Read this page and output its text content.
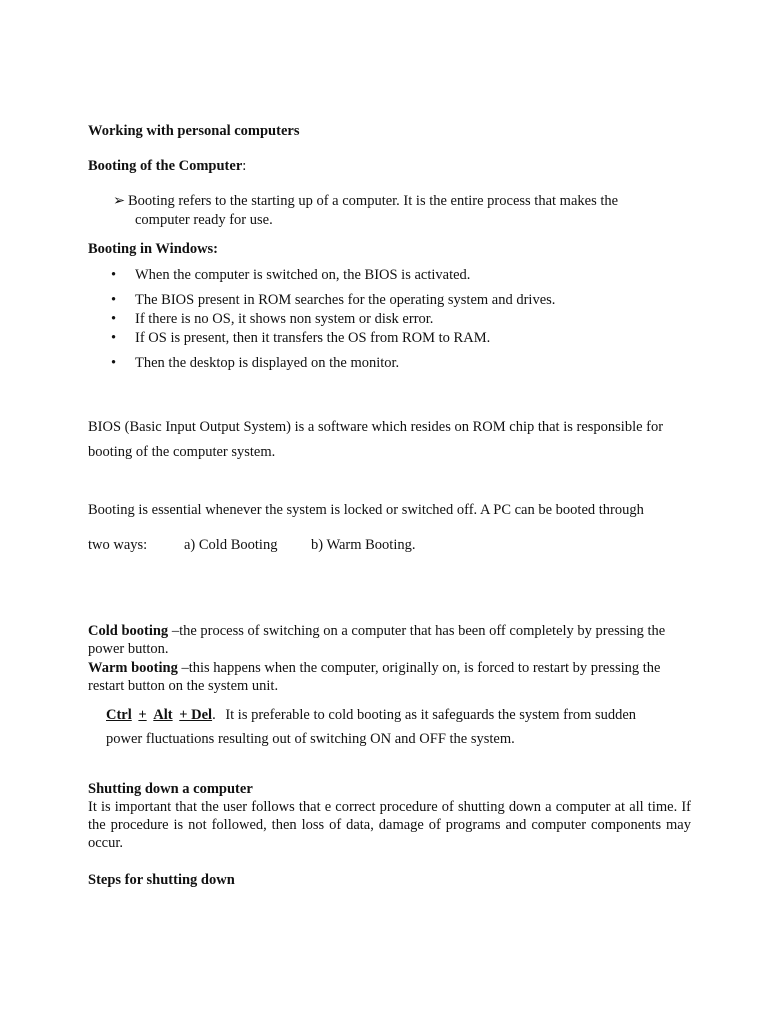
Working with personal computers
Booting of the Computer:
➢ Booting refers to the starting up of a computer. It is the entire process that makes the
computer ready for use.
Booting in Windows:
• When the computer is switched on, the BIOS is activated.
• The BIOS present in ROM searches for the operating system and drives.
• If there is no OS, it shows non system or disk error.
• If OS is present, then it transfers the OS from ROM to RAM.
• Then the desktop is displayed on the monitor.
BIOS (Basic Input Output System) is a software which resides on ROM chip that is responsible for
booting of the computer system.
Booting is essential whenever the system is locked or switched off. A PC can be booted through
two ways:	a) Cold Booting b) Warm Booting.
Cold booting –the process of switching on a computer that has been off completely by pressing the power button.
Warm booting –this happens when the computer, originally on, is forced to restart by pressing the restart button on the system unit.
Ctrl + Alt + Del. It is preferable to cold booting as it safeguards the system from sudden
power fluctuations resulting out of switching ON and OFF the system.
Shutting down a computer
It is important that the user follows that e correct procedure of shutting down a computer at all time. If the procedure is not followed, then loss of data, damage of programs and computer components may occur.
Steps for shutting down
